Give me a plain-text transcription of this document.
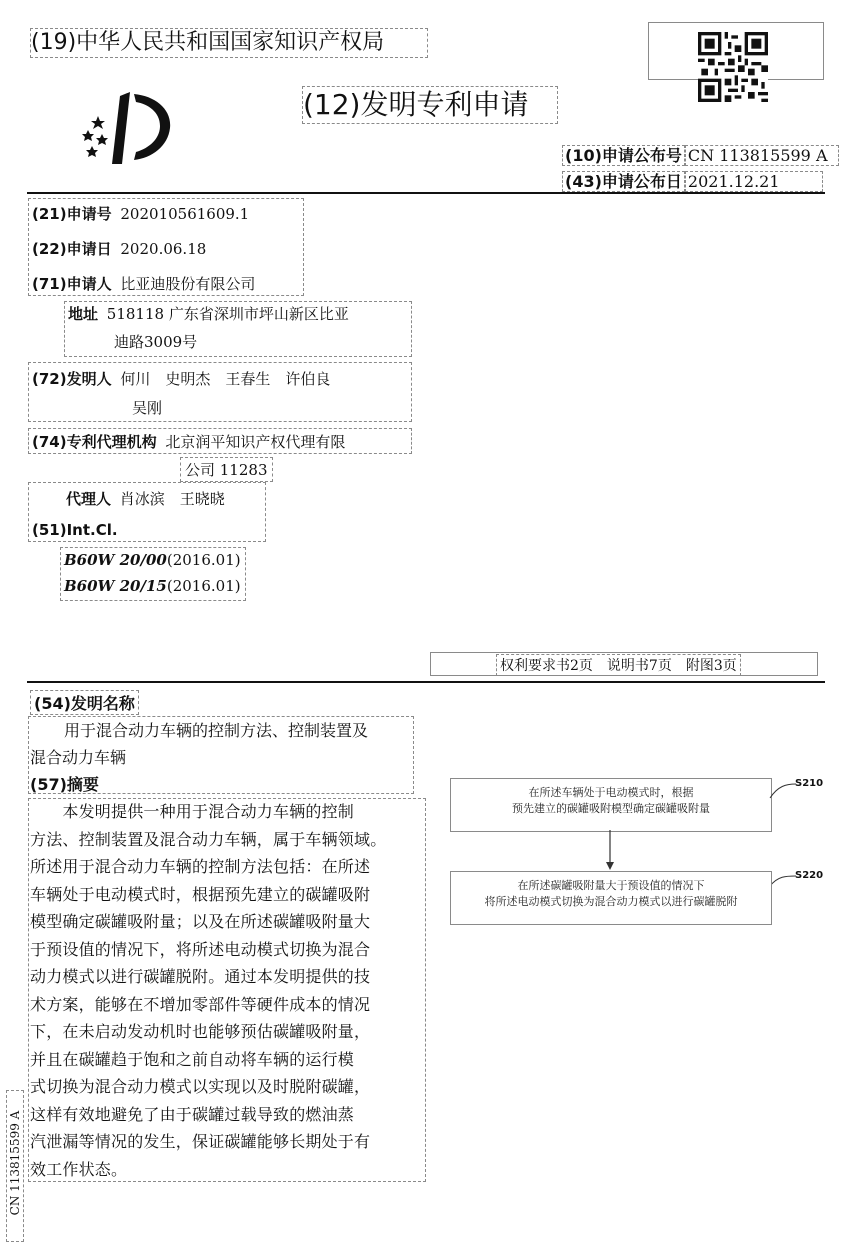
(19)中华人民共和国国家知识产权局
(12)发明专利申请
(10)申请公布号 CN 113815599 A
(43)申请公布日 2021.12.21
(21)申请号 202010561609.1
(22)申请日 2020.06.18
(71)申请人 比亚迪股份有限公司
地址 518118 广东省深圳市坪山新区比亚
迪路3009号
(72)发明人 何川　史明杰　王春生　许伯良
吴刚
(74)专利代理机构 北京润平知识产权代理有限
公司 11283
代理人 肖冰滨　王晓晓
(51)Int.Cl.
B60W 20/00(2016.01)
B60W 20/15(2016.01)
权利要求书2页　说明书7页　附图3页
(54)发明名称
用于混合动力车辆的控制方法、控制装置及
混合动力车辆
(57)摘要
　　本发明提供一种用于混合动力车辆的控制
方法、控制装置及混合动力车辆，属于车辆领域。
所述用于混合动力车辆的控制方法包括：在所述
车辆处于电动模式时，根据预先建立的碳罐吸附
模型确定碳罐吸附量；以及在所述碳罐吸附量大
于预设值的情况下，将所述电动模式切换为混合
动力模式以进行碳罐脱附。通过本发明提供的技
术方案，能够在不增加零部件等硬件成本的情况
下，在未启动发动机时也能够预估碳罐吸附量，
并且在碳罐趋于饱和之前自动将车辆的运行模
式切换为混合动力模式以实现以及时脱附碳罐，
这样有效地避免了由于碳罐过载导致的燃油蒸
汽泄漏等情况的发生，保证碳罐能够长期处于有
效工作状态。
在所述车辆处于电动模式时，根据
预先建立的碳罐吸附模型确定碳罐吸附量
S210
在所述碳罐吸附量大于预设值的情况下
将所述电动模式切换为混合动力模式以进行碳罐脱附
S220
CN 113815599 A
